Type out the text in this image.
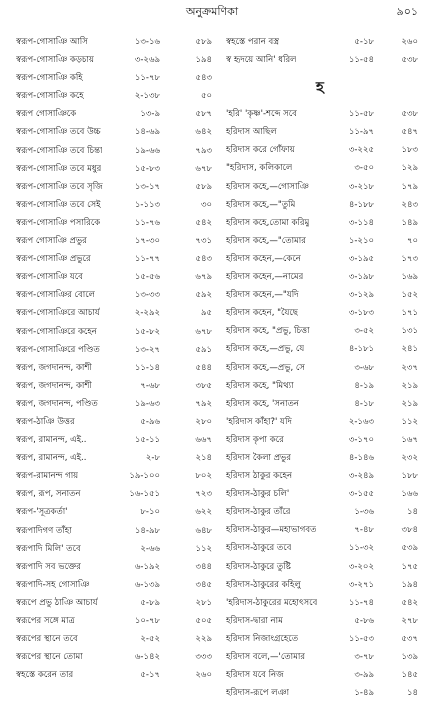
অনুক্রমণিকা	৯০১
স্বরূপ-গোসাঞি আসি	১৩-১৬	৫৮৯
স্বরূপ-গোসাঞি কড়চায়	৩-২৬৯	১৯৪
স্বরূপ-গোসাঞি কহি	১১-৭৮	৫৪৩
স্বরূপ-গোসাঞি কহে	২-১৩৮	৫০
স্বরূপ গোসাঞিকে	১৩-৯	৫৮৭
স্বরূপ-গোসাঞি তবে উচ্চ	১৪-৬৯	৬৪২
স্বরূপ-গোসাঞি তবে চিন্তা	১৯-৬৬	৭৯৩
স্বরূপ-গোসাঞি তবে মধুর	১৫-৮৩	৬৭৮
স্বরূপ-গোসাঞি তবে সৃজি	১৩-১৭	৫৮৯
স্বরূপ-গোসাঞি তবে সেই	১-১১৩	৩০
স্বরূপ-গোসাঞি পসারিকে	১১-৭৬	৫৪২
স্বরূপ গোসাঞি প্রভুর	১৭-৩০	৭৩১
স্বরূপ-গোসাঞি প্রভুরে	১১-৭৭	৫৪৩
স্বরূপ-গোসাঞি যবে	১৫-৫৬	৬৭৯
স্বরূপ-গোসাঞির বোলে	১৩-৩৩	৫৯২
স্বরূপ-গোসাঞিরে আচার্য	২-২৯২	৯৫
স্বরূপ-গোসাঞিরে কহেন	১৫-৮২	৬৭৮
স্বরূপ-গোসাঞিরে পণ্ডিত	১৩-২৭	৫৯১
স্বরূপ, জগদানন্দ, কাশী	১১-১৪	৫৪৪
স্বরূপ, জগদানন্দ, কাশী	৭-৬৮	৩৮৫
স্বরূপ, জগদানন্দ, পণ্ডিত	১৯-৬৩	৭৯২
স্বরূপ-ঠাঞি উত্তর	৫-৯৬	২৮০
স্বরূপ, রামানন্দ, এই..	১৫-১১	৬৬৭
স্বরূপ, রামানন্দ, এই..	২-৮	২১৪
স্বরূপ-রামানন্দ গায়	১৯-১০০	৮০২
স্বরূপ, রূপ, সনাতন	১৬-১৫১	৭২৩
স্বরূপ-'সূত্রকর্তা'	৮-১০	৬২২
স্বরূপাদিগণ তাঁহা	১৪-৯৮	৬৪৮
স্বরূপাদি মিলি' তবে	২-৬৬	১১২
স্বরূপাদি সব ভক্তের	৬-১৯২	৩৪৪
স্বরূপাদি-সহ গোসাঞি	৬-১৩৯	৩৪৫
স্বরূপে প্রভু ঠাঞি আচার্য	৫-৮৯	২৮১
স্বরূপের সঙ্গে মাত্র	১০-৭৮	৫০৫
স্বরূপের স্থানে তবে	২-৫২	২২৯
স্বরূপের স্থানে তোমা	৬-১৪২	৩৩৩
স্বহস্তে করেন তার	৫-১৭	২৬০
স্বহস্তে পরান বস্ত্র	৫-১৮	২৬০
স্ব হৃদয়ে আনি' ধরিল	১১-৫৪	৫৩৮
হ
'হরি' 'কৃষ্ণ'-শব্দে সবে	১১-৫৮	৫৩৮
হরিদাস আছিল	১১-৯৭	৫৪৭
হরিদাস করে গোঁফায়	৩-২২৫	১৮৩
"হরিদাস, কলিকালে	৩-৫০	১২৯
হরিদাস কহে,—গোসাঞি	৩-২১৮	১৭৯
হরিদাস কহে,—"তুমি	৪-১৮৮	২৪৩
হরিদাস কহে,তোমা করিমু	৩-১১৪	১৪৯
হরিদাস কহে,—"তোমার	১-২১০	৭০
হরিদাস কহেন,—কেনে	৩-১৯৫	১৭৩
হরিদাস কহেন,—নামের	৩-১৯৮	১৬৯
হরিদাস কহেন,—"যদি	৩-১২৯	১৫২
হরিদাস কহেন, "যৈছে	৩-১৮৩	১৭১
হরিদাস কহে, "প্রভু, চিত্তা	৩-৫২	১৩১
হরিদাস কহে,—প্রভু, যে	৪-১৮১	২৪১
হরিদাস কহে,—প্রভু, সে	৩-৬৮	২৩৭
হরিদাস কহে, "মিথ্যা	৪-১৯	২১৯
হরিদাস কহে, 'সনাতন	৪-১৮	২১৯
'হরিদাস কাঁহা?' যদি	২-১৬৩	১১২
হরিদাস কৃপা করে	৩-১৭০	১৬৭
হরিদাস কৈলা প্রভুর	৪-১৪৬	২৩২
হরিদাস ঠাকুর কহেন	৩-২৪৯	১৮৮
হরিদাস-ঠাকুর চলি'	৩-১৫৫	১৬৬
হরিদাস-ঠাকুর তাঁরে	১-৩৬	১৪
হরিদাস-ঠাকুর—মহাভাগবত	৭-৪৮	৩৮৪
হরিদাস-ঠাকুরে তবে	১১-৩২	৫৩৯
হরিদাস-ঠাকুরে তুষ্টি	৩-২০২	১৭৫
হরিদাস-ঠাকুরের কহিলু	৩-২৭১	১৯৪
'হরিদাস-ঠাকুরের মহোৎসবে	১১-৭৪	৫৪২
হরিদাস-দ্বারা নাম	৫-৮৬	২৭৮
হরিদাস নিজাংগ্রহেতে	১১-৫৩	৫৩৭
হরিদাস বলে,—'তোমার	৩-৭৮	১৩৯
হরিদাস যবে নিজ	৩-৯৯	১৪৫
হরিদাস-রূপে লঞা	১-৪৯	১৪
